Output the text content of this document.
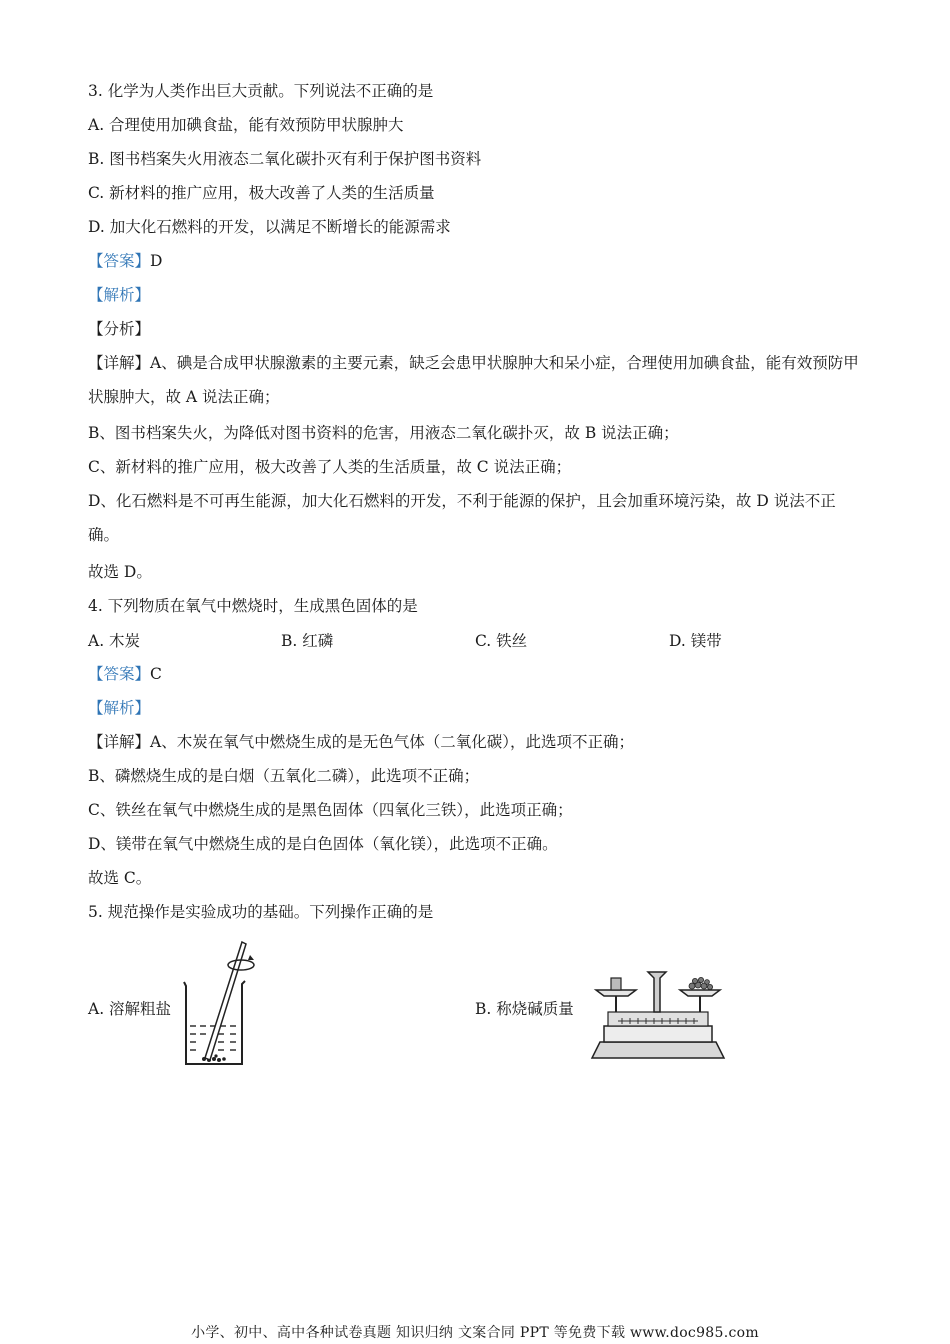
3. 化学为人类作出巨大贡献。下列说法不正确的是
A. 合理使用加碘食盐，能有效预防甲状腺肿大
B. 图书档案失火用液态二氧化碳扑灭有利于保护图书资料
C. 新材料的推广应用，极大改善了人类的生活质量
D. 加大化石燃料的开发，以满足不断增长的能源需求
【答案】D
【解析】
【分析】
【详解】A、碘是合成甲状腺激素的主要元素，缺乏会患甲状腺肿大和呆小症，合理使用加碘食盐，能有效预防甲状腺肿大，故 A 说法正确；
B、图书档案失火，为降低对图书资料的危害，用液态二氧化碳扑灭，故 B 说法正确；
C、新材料的推广应用，极大改善了人类的生活质量，故 C 说法正确；
D、化石燃料是不可再生能源，加大化石燃料的开发，不利于能源的保护，且会加重环境污染，故 D 说法不正确。
故选 D。
4. 下列物质在氧气中燃烧时，生成黑色固体的是
A. 木炭	B. 红磷	C. 铁丝	D. 镁带
【答案】C
【解析】
【详解】A、木炭在氧气中燃烧生成的是无色气体（二氧化碳），此选项不正确；
B、磷燃烧生成的是白烟（五氧化二磷），此选项不正确；
C、铁丝在氧气中燃烧生成的是黑色固体（四氧化三铁），此选项正确；
D、镁带在氧气中燃烧生成的是白色固体（氧化镁），此选项不正确。
故选 C。
5. 规范操作是实验成功的基础。下列操作正确的是
A. 溶解粗盐	B. 称烧碱质量
小学、初中、高中各种试卷真题 知识归纳 文案合同 PPT 等免费下载 www.doc985.com
